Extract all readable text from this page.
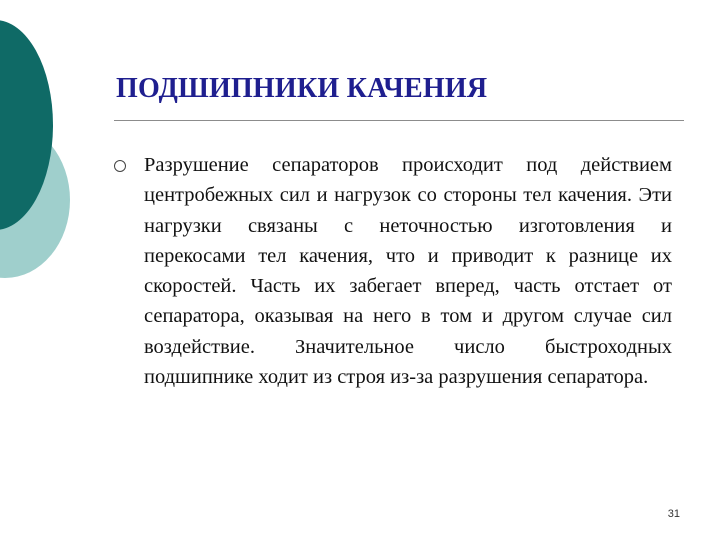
ПОДШИПНИКИ КАЧЕНИЯ

Разрушение сепараторов происходит под действием центробежных сил и нагрузок со стороны тел качения. Эти нагрузки связаны с неточностью изготовления и перекосами тел качения, что и приводит к разнице их скоростей. Часть их забегает вперед, часть отстает от сепаратора, оказывая на него в том и другом случае сил воздействие. Значительное число быстроходных подшипнике ходит из строя из-за разрушения сепаратора.

31
